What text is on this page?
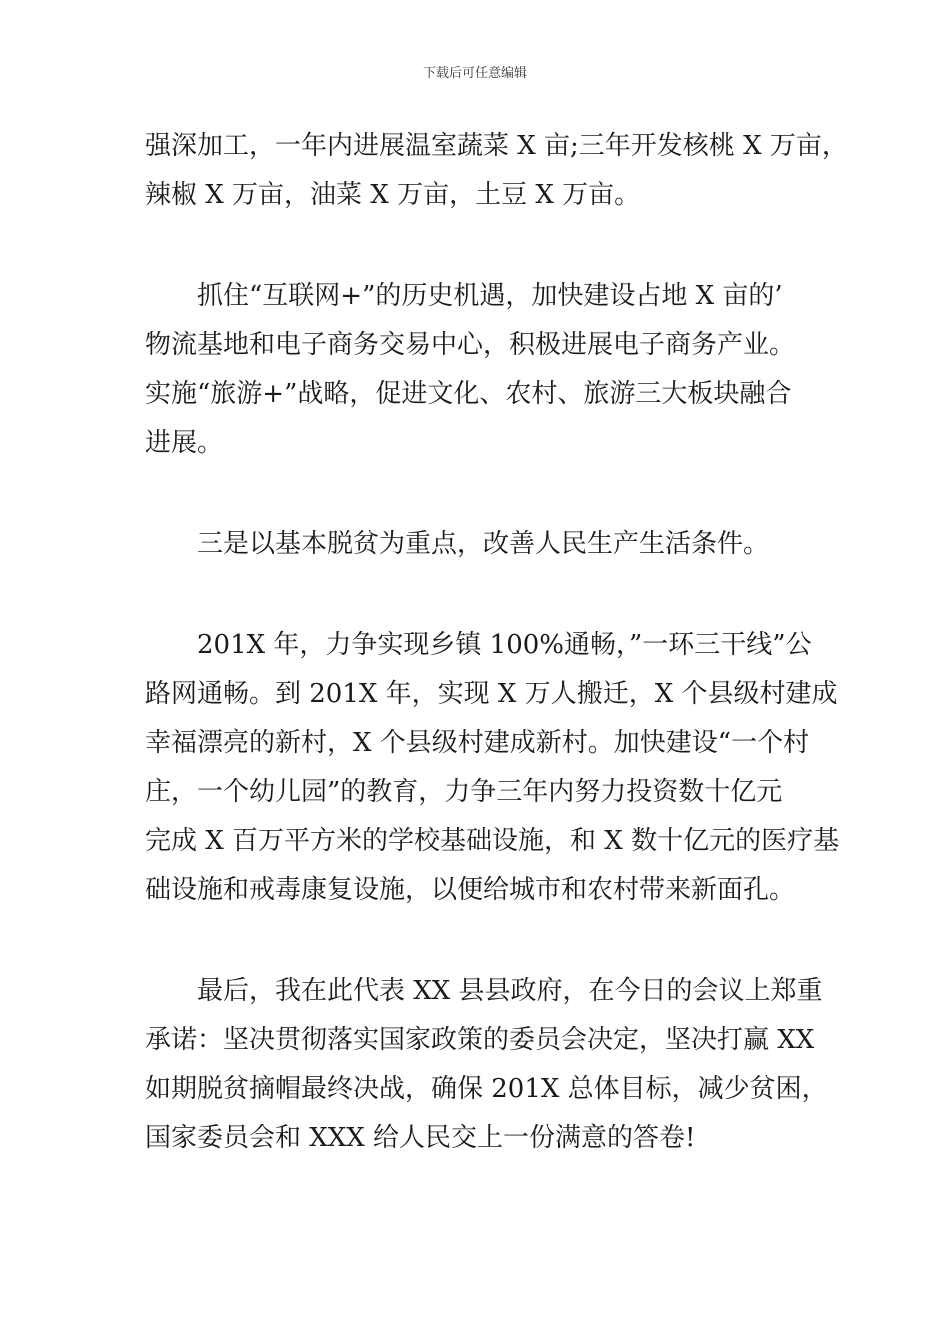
下载后可任意编辑
强深加工，一年内进展温室蔬菜 X 亩;三年开发核桃 X 万亩，
辣椒 X 万亩，油菜 X 万亩，土豆 X 万亩。
抓住“互联网+”的历史机遇，加快建设占地 X 亩的’
物流基地和电子商务交易中心，积极进展电子商务产业。
实施“旅游+”战略，促进文化、农村、旅游三大板块融合
进展。
三是以基本脱贫为重点，改善人民生产生活条件。
201X 年，力争实现乡镇 100%通畅，”一环三干线”公
路网通畅。到 201X 年，实现 X 万人搬迁，X 个县级村建成
幸福漂亮的新村，X 个县级村建成新村。加快建设“一个村
庄，一个幼儿园”的教育，力争三年内努力投资数十亿元
完成 X 百万平方米的学校基础设施，和 X 数十亿元的医疗基
础设施和戒毒康复设施，以便给城市和农村带来新面孔。
最后，我在此代表 XX 县县政府，在今日的会议上郑重
承诺：坚决贯彻落实国家政策的委员会决定，坚决打赢 XX
如期脱贫摘帽最终决战，确保 201X 总体目标，减少贫困，
国家委员会和 XXX 给人民交上一份满意的答卷!
